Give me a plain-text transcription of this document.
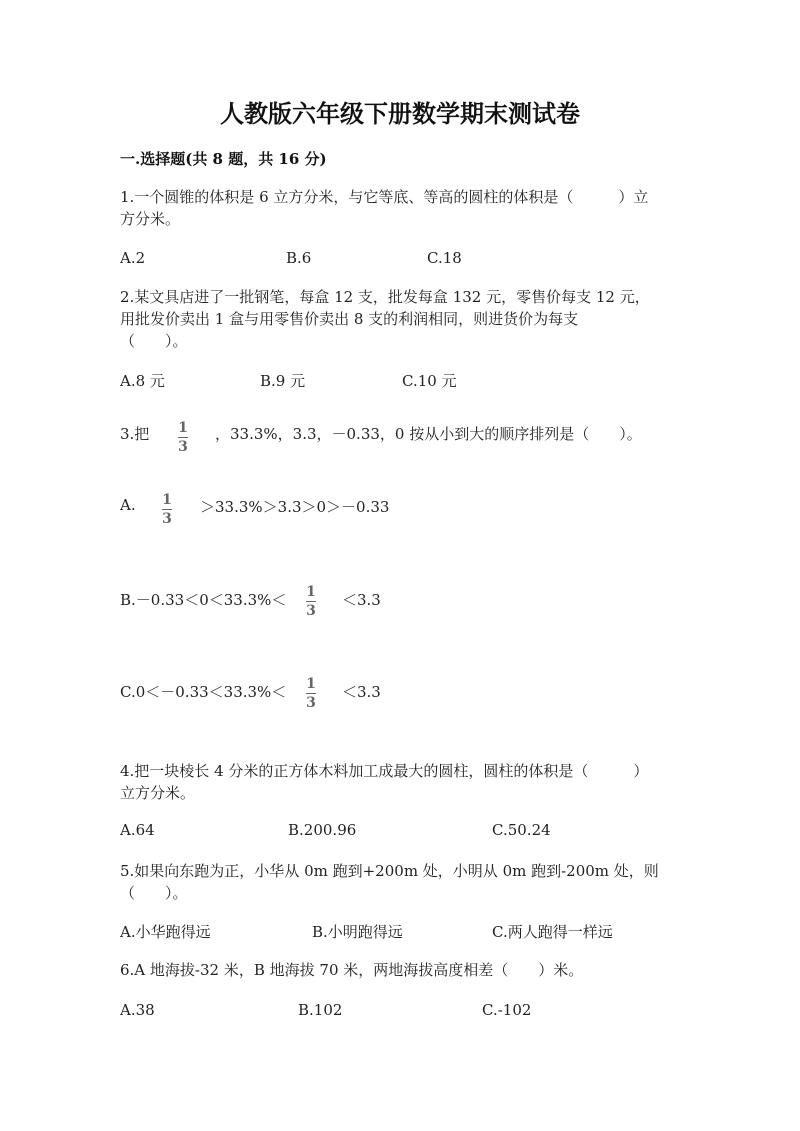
人教版六年级下册数学期末测试卷
一.选择题(共 8 题，共 16 分)

1.一个圆锥的体积是 6 立方分米，与它等底、等高的圆柱的体积是（　　　）立

方分米。

A.2	B.6	C.18

2.某文具店进了一批钢笔，每盒 12 支，批发每盒 132 元，零售价每支 12 元，

用批发价卖出 1 盒与用零售价卖出 8 支的利润相同，则进货价为每支

（　　）。

A.8 元	B.9 元	C.10 元
3.把 1
3
，33.3%，3.3，－0.33，0 按从小到大的顺序排列是（　　）。
A. 1
3
＞33.3%＞3.3＞0＞－0.33
B.－0.33＜0＜33.3%＜ 1
3
＜3.3
C.0＜－0.33＜33.3%＜ 1
3
＜3.3

4.把一块棱长 4 分米的正方体木料加工成最大的圆柱，圆柱的体积是（　　　）

立方分米。

A.64	B.200.96	C.50.24

5.如果向东跑为正，小华从 0m 跑到+200m 处，小明从 0m 跑到-200m 处，则

（　　）。

A.小华跑得远	B.小明跑得远	C.两人跑得一样远

6.A 地海拔-32 米，B 地海拔 70 米，两地海拔高度相差（　　）米。

A.38	B.102	C.-102
